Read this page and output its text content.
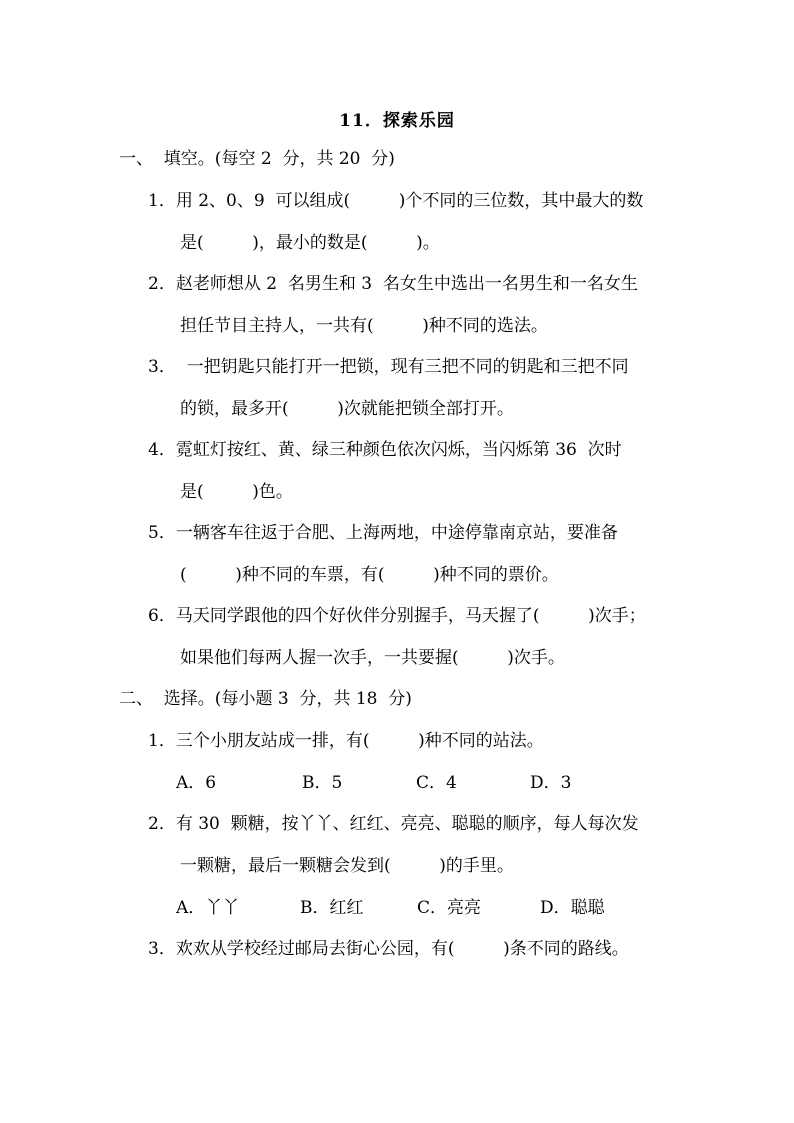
11．探索乐园
一、  填空。(每空 2  分，共 20  分)
1．用 2、0、9  可以组成(         )个不同的三位数，其中最大的数
是(         )，最小的数是(         )。
2．赵老师想从 2  名男生和 3  名女生中选出一名男生和一名女生
担任节目主持人，一共有(         )种不同的选法。
3．  一把钥匙只能打开一把锁，现有三把不同的钥匙和三把不同
的锁，最多开(         )次就能把锁全部打开。
4．霓虹灯按红、黄、绿三种颜色依次闪烁，当闪烁第 36  次时
是(         )色。
5．一辆客车往返于合肥、上海两地，中途停靠南京站，要准备
(         )种不同的车票，有(         )种不同的票价。
6．马天同学跟他的四个好伙伴分别握手，马天握了(         )次手；
如果他们每两人握一次手，一共要握(         )次手。
二、  选择。(每小题 3  分，共 18  分)
1．三个小朋友站成一排，有(         )种不同的站法。
A．6	B．5	C．4	D．3
2．有 30  颗糖，按丫丫、红红、亮亮、聪聪的顺序，每人每次发
一颗糖，最后一颗糖会发到(         )的手里。
A．丫丫	B．红红	C．亮亮	D．聪聪
3．欢欢从学校经过邮局去街心公园，有(         )条不同的路线。
